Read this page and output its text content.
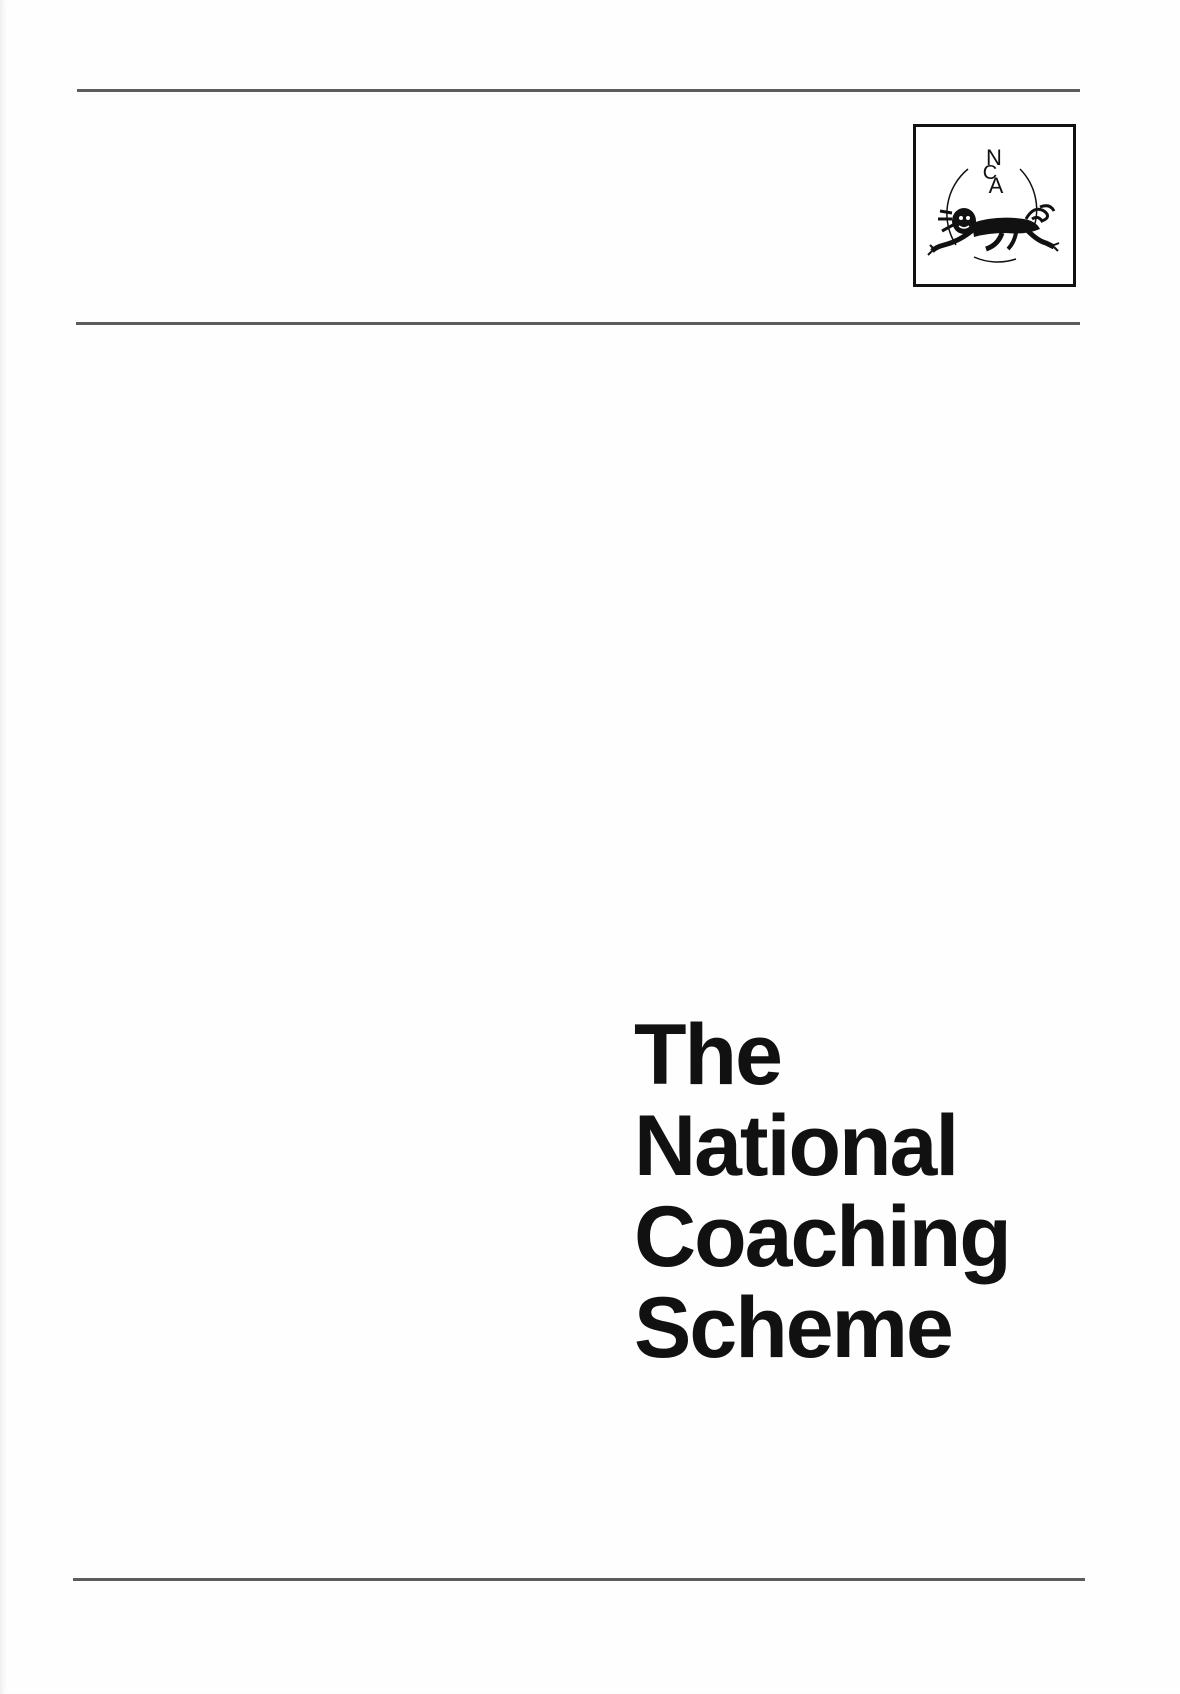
N
C
A
The
National
Coaching
Scheme
